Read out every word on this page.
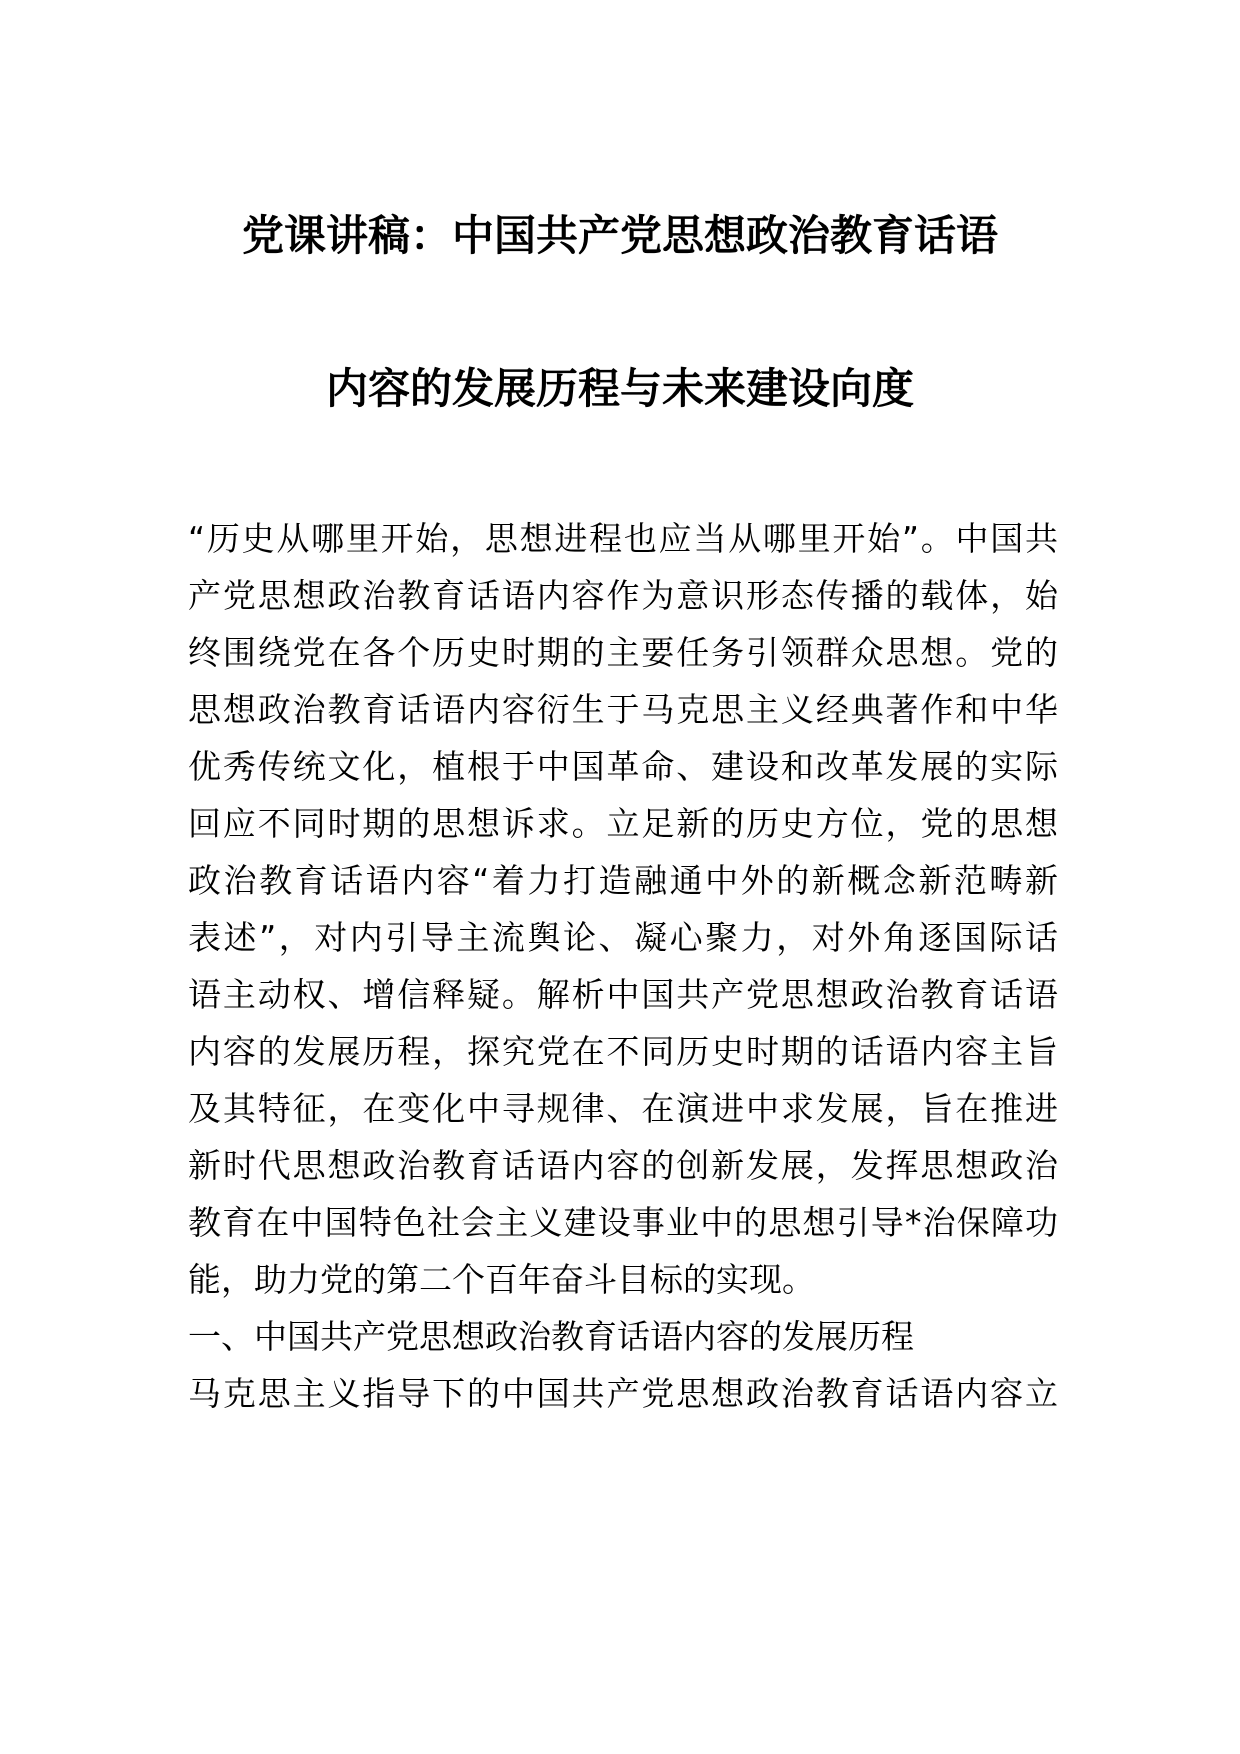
党课讲稿：中国共产党思想政治教育话语
内容的发展历程与未来建设向度
“历史从哪里开始，思想进程也应当从哪里开始”。中国共
产党思想政治教育话语内容作为意识形态传播的载体，始
终围绕党在各个历史时期的主要任务引领群众思想。党的
思想政治教育话语内容衍生于马克思主义经典著作和中华
优秀传统文化，植根于中国革命、建设和改革发展的实际
回应不同时期的思想诉求。立足新的历史方位，党的思想
政治教育话语内容“着力打造融通中外的新概念新范畴新
表述”，对内引导主流舆论、凝心聚力，对外角逐国际话
语主动权、增信释疑。解析中国共产党思想政治教育话语
内容的发展历程，探究党在不同历史时期的话语内容主旨
及其特征，在变化中寻规律、在演进中求发展，旨在推进
新时代思想政治教育话语内容的创新发展，发挥思想政治
教育在中国特色社会主义建设事业中的思想引导*治保障功
能，助力党的第二个百年奋斗目标的实现。
一、中国共产党思想政治教育话语内容的发展历程
马克思主义指导下的中国共产党思想政治教育话语内容立
